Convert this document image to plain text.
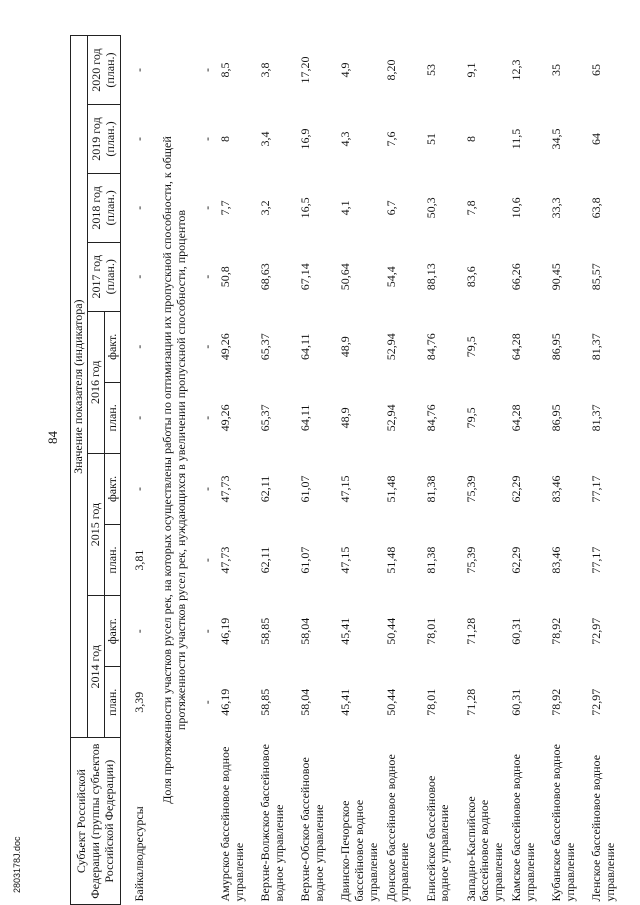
84
2803178J.doc	Субъект Российской Федерации (группы субъектов Российской Федерации)	Значение показателя (индикатора)									
	2014 год		2015 год		2016 год		2017 год (план.)	2018 год (план.)	2019 год (план.)	2020 год (план.)
	план.	факт.	план.	факт.	план.	факт.				
Байкалводресурсы	3,39	-	3,81	-	-	-	-	-	-	-
Доля протяженности участков русел рек, на которых осуществлены работы по оптимизации их пропускной способности, к общей протяженности участков русел рек, нуждающихся в увеличении пропускной способности, процентов										
	-	-	-	-	-	-	-	-	-	-
Амурское бассейновое водное управление	46,19	46,19	47,73	47,73	49,26	49,26	50,8	7,7	8	8,5
Верхне-Волжское бассейновое водное управление	58,85	58,85	62,11	62,11	65,37	65,37	68,63	3,2	3,4	3,8
Верхне-Обское бассейновое водное управление	58,04	58,04	61,07	61,07	64,11	64,11	67,14	16,5	16,9	17,20
Двинско-Печорское бассейновое водное управление	45,41	45,41	47,15	47,15	48,9	48,9	50,64	4,1	4,3	4,9
Донское бассейновое водное управление	50,44	50,44	51,48	51,48	52,94	52,94	54,4	6,7	7,6	8,20
Енисейское бассейновое водное управление	78,01	78,01	81,38	81,38	84,76	84,76	88,13	50,3	51	53
Западно-Каспийское бассейновое водное управление	71,28	71,28	75,39	75,39	79,5	79,5	83,6	7,8	8	9,1
Камское бассейновое водное управление	60,31	60,31	62,29	62,29	64,28	64,28	66,26	10,6	11,5	12,3
Кубанское бассейновое водное управление	78,92	78,92	83,46	83,46	86,95	86,95	90,45	33,3	34,5	35
Ленское бассейновое водное управление	72,97	72,97	77,17	77,17	81,37	81,37	85,57	63,8	64	65
